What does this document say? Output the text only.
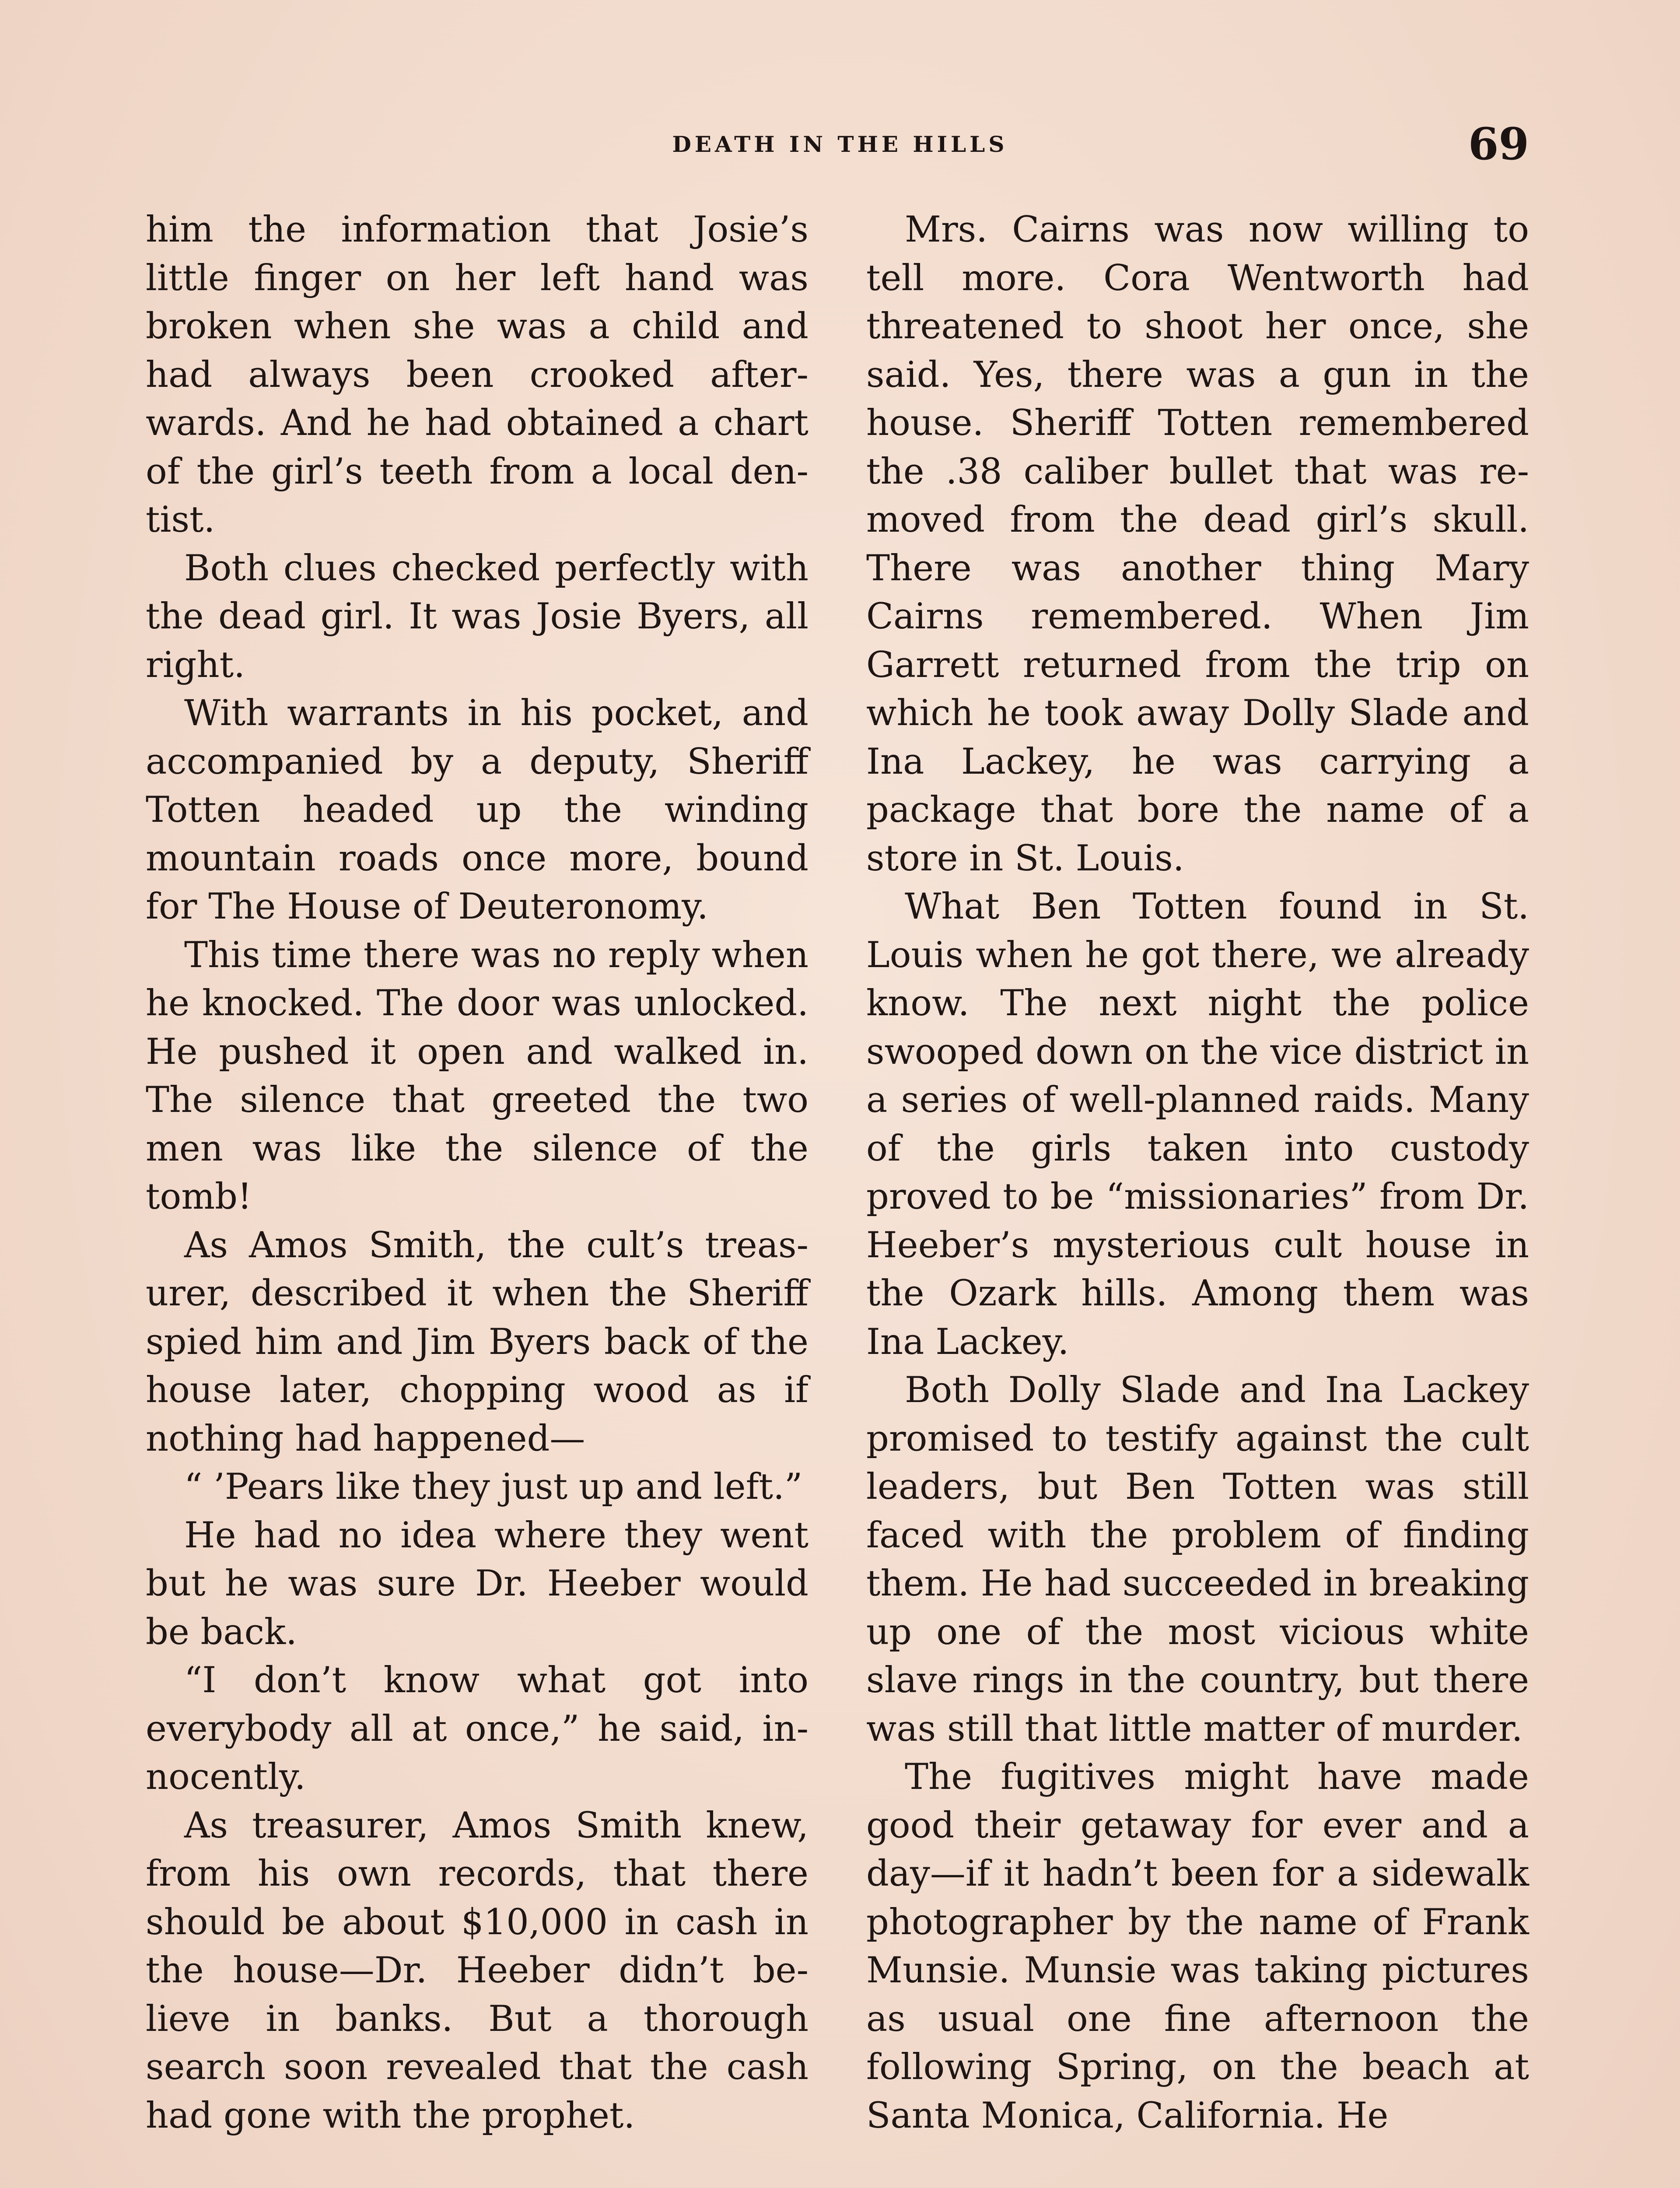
DEATH IN THE HILLS	69

him the information that Josie’s little finger on her left hand was broken when she was a child and had always been crooked afterwards. And he had obtained a chart of the girl’s teeth from a local dentist.

Both clues checked perfectly with the dead girl. It was Josie Byers, all right.

With warrants in his pocket, and accompanied by a deputy, Sheriff Totten headed up the winding mountain roads once more, bound for The House of Deuteronomy.

This time there was no reply when he knocked. The door was unlocked. He pushed it open and walked in. The silence that greeted the two men was like the silence of the tomb!

As Amos Smith, the cult’s treasurer, described it when the Sheriff spied him and Jim Byers back of the house later, chopping wood as if nothing had happened—

“ ’Pears like they just up and left.”

He had no idea where they went but he was sure Dr. Heeber would be back.

“I don’t know what got into everybody all at once,” he said, innocently.

As treasurer, Amos Smith knew, from his own records, that there should be about $10,000 in cash in the house—Dr. Heeber didn’t believe in banks. But a thorough search soon revealed that the cash had gone with the prophet.

Mrs. Cairns was now willing to tell more. Cora Wentworth had threatened to shoot her once, she said. Yes, there was a gun in the house. Sheriff Totten remembered the .38 caliber bullet that was removed from the dead girl’s skull. There was another thing Mary Cairns remembered. When Jim Garrett returned from the trip on which he took away Dolly Slade and Ina Lackey, he was carrying a package that bore the name of a store in St. Louis.

What Ben Totten found in St. Louis when he got there, we already know. The next night the police swooped down on the vice district in a series of well-planned raids. Many of the girls taken into custody proved to be “missionaries” from Dr. Heeber’s mysterious cult house in the Ozark hills. Among them was Ina Lackey.

Both Dolly Slade and Ina Lackey promised to testify against the cult leaders, but Ben Totten was still faced with the problem of finding them. He had succeeded in breaking up one of the most vicious white slave rings in the country, but there was still that little matter of murder.

The fugitives might have made good their getaway for ever and a day—if it hadn’t been for a sidewalk photographer by the name of Frank Munsie. Munsie was taking pictures as usual one fine afternoon the following Spring, on the beach at Santa Monica, California. He
